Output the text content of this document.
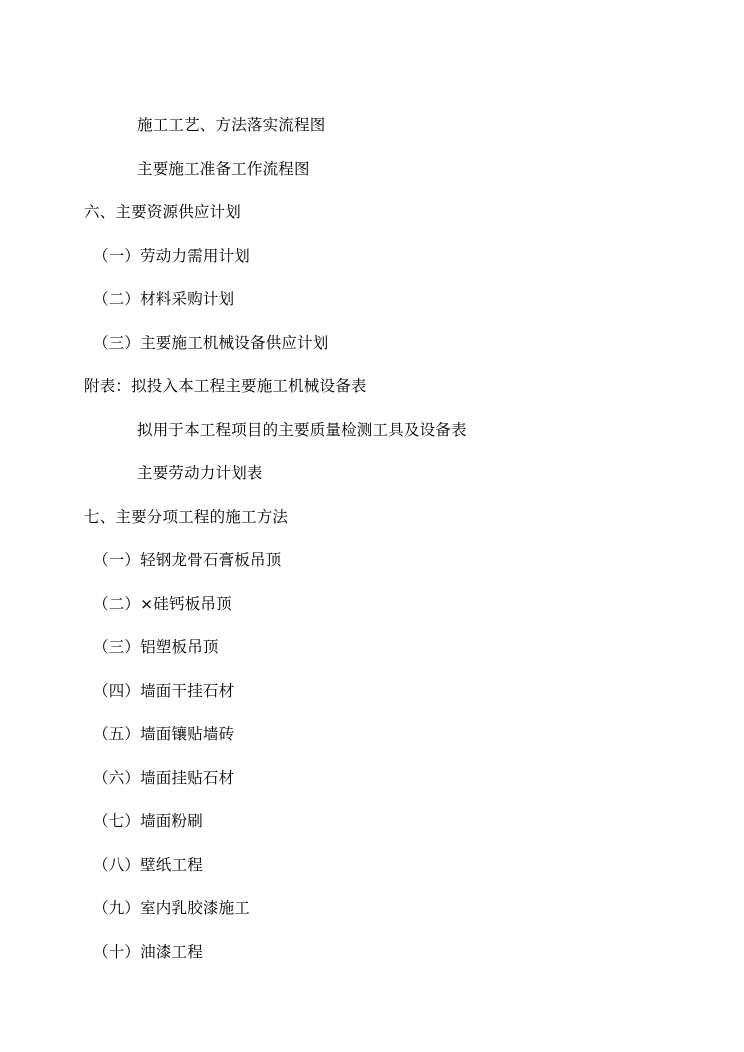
施工工艺、方法落实流程图
主要施工准备工作流程图
六、主要资源供应计划
（一）劳动力需用计划
（二）材料采购计划
（三）主要施工机械设备供应计划
附表：拟投入本工程主要施工机械设备表
拟用于本工程项目的主要质量检测工具及设备表
主要劳动力计划表
七、主要分项工程的施工方法
（一）轻钢龙骨石膏板吊顶
（二）×硅钙板吊顶
（三）铝塑板吊顶
（四）墙面干挂石材
（五）墙面镶贴墙砖
（六）墙面挂贴石材
（七）墙面粉刷
（八）壁纸工程
（九）室内乳胶漆施工
（十）油漆工程
